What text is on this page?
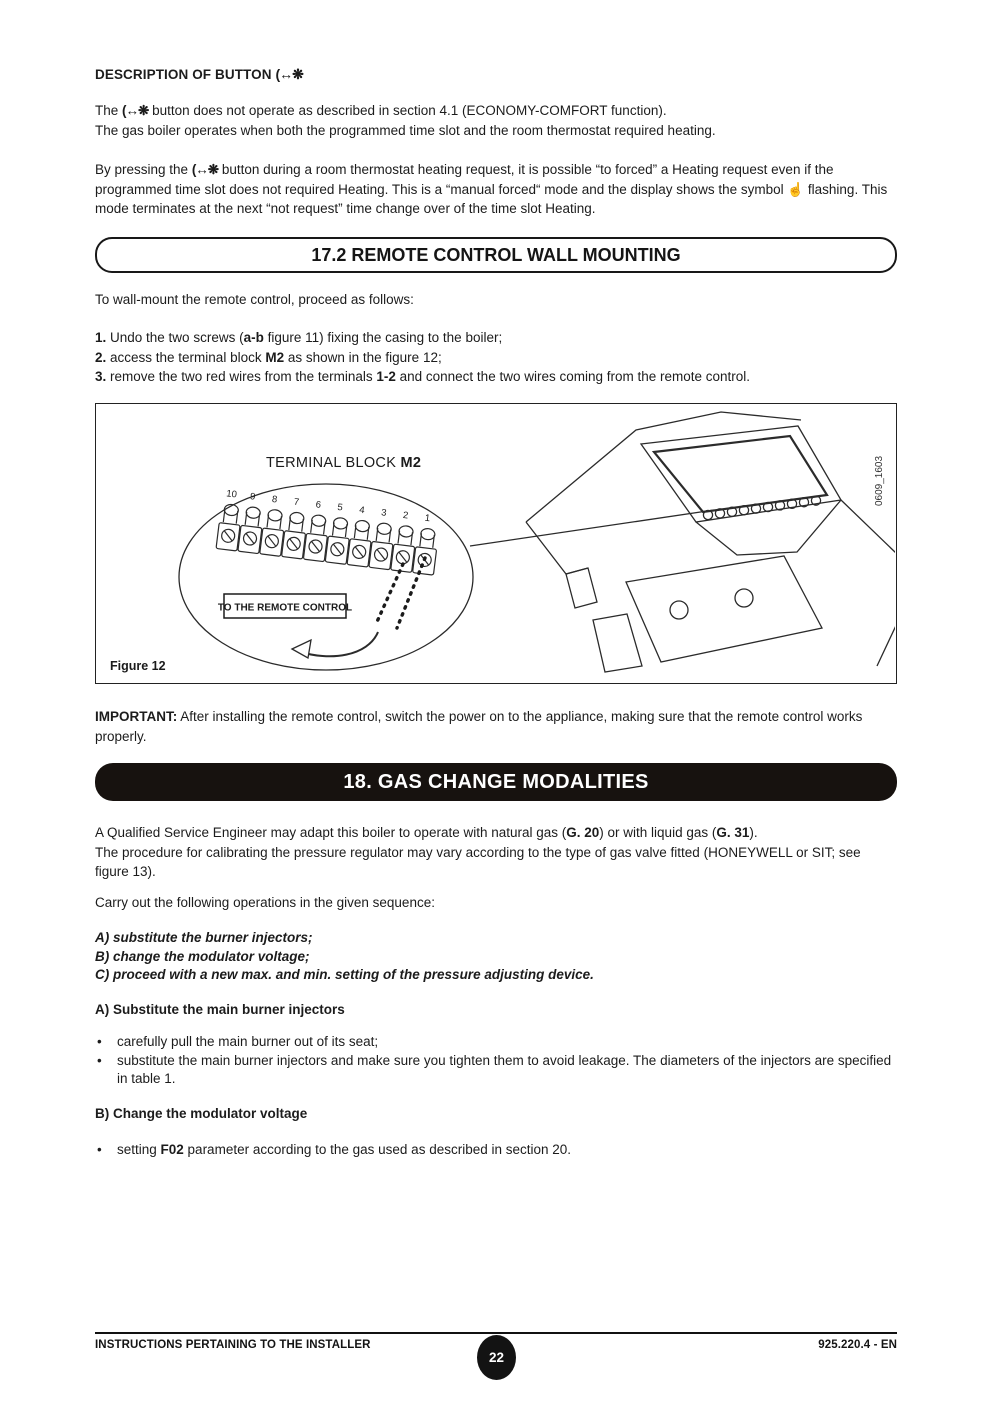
DESCRIPTION OF BUTTON (↔❋
The (↔❋ button does not operate as described in section 4.1 (ECONOMY-COMFORT function).
The gas boiler operates when both the programmed time slot and the room thermostat required heating.
By pressing the (↔❋ button during a room thermostat heating request, it is possible “to forced” a Heating request even if the programmed time slot does not required Heating. This is a “manual forced“ mode and the display shows the symbol ☝ flashing. This mode terminates at the next “not request” time change over of the time slot Heating.
17.2 REMOTE CONTROL WALL MOUNTING
To wall-mount the remote control, proceed as follows:
1. Undo the two screws (a-b figure 11) fixing the casing to the boiler;
2. access the terminal block M2 as shown in the figure 12;
3. remove the two red wires from the terminals 1-2 and connect the two wires coming from the remote control.
10 9 8 7 6 5 4 3 2 1
TO THE REMOTE CONTROL
TERMINAL BLOCK M2	0609_1603
Figure 12
IMPORTANT: After installing the remote control, switch the power on to the appliance, making sure that the remote control works properly.
18. GAS CHANGE MODALITIES
A Qualified Service Engineer may adapt this boiler to operate with natural gas (G. 20) or with liquid gas (G. 31).
The procedure for calibrating the pressure regulator may vary according to the type of gas valve fitted (HONEYWELL or SIT; see figure 13).
Carry out the following operations in the given sequence:
A) substitute the burner injectors;
B) change the modulator voltage;
C) proceed with a new max. and min. setting of the pressure adjusting device.
A) Substitute the main burner injectors
• carefully pull the main burner out of its seat;
• substitute the main burner injectors and make sure you tighten them to avoid leakage. The diameters of the injectors are specified in table 1.
B) Change the modulator voltage
• setting F02 parameter according to the gas used as described in section 20.
INSTRUCTIONS PERTAINING TO THE INSTALLER	925.220.4 - EN
22
